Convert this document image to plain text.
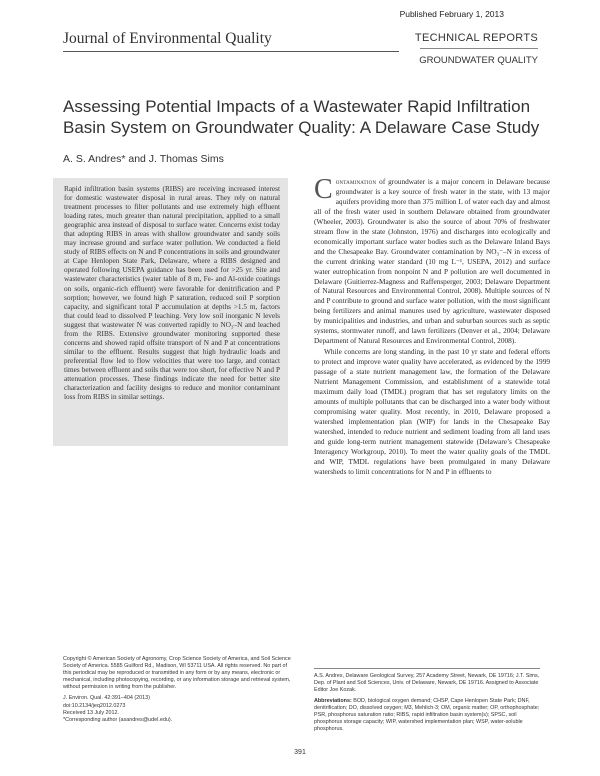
Published February 1, 2013
Journal of Environmental Quality	TECHNICAL REPORTS
GROUNDWATER QUALITY
Assessing Potential Impacts of a Wastewater Rapid Infiltration Basin System on Groundwater Quality: A Delaware Case Study
A. S. Andres* and J. Thomas Sims
Rapid infiltration basin systems (RIBS) are receiving increased interest for domestic wastewater disposal in rural areas. They rely on natural treatment processes to filter pollutants and use extremely high effluent loading rates, much greater than natural precipitation, applied to a small geographic area instead of disposal to surface water. Concerns exist today that adopting RIBS in areas with shallow groundwater and sandy soils may increase ground and surface water pollution. We conducted a field study of RIBS effects on N and P concentrations in soils and groundwater at Cape Henlopen State Park, Delaware, where a RIBS designed and operated following USEPA guidance has been used for >25 yr. Site and wastewater characteristics (water table of 8 m, Fe- and Al-oxide coatings on soils, organic-rich effluent) were favorable for denitrification and P sorption; however, we found high P saturation, reduced soil P sorption capacity, and significant total P accumulation at depths >1.5 m, factors that could lead to dissolved P leaching. Very low soil inorganic N levels suggest that wastewater N was converted rapidly to NO₃–N and leached from the RIBS. Extensive groundwater monitoring supported these concerns and showed rapid offsite transport of N and P at concentrations similar to the effluent. Results suggest that high hydraulic loads and preferential flow led to flow velocities that were too large, and contact times between effluent and soils that were too short, for effective N and P attenuation processes. These findings indicate the need for better site characterization and facility designs to reduce and monitor contaminant loss from RIBS in similar settings.

Contamination of groundwater is a major concern in Delaware because groundwater is a key source of fresh water in the state, with 13 major aquifers providing more than 375 million L of water each day and almost all of the fresh water used in southern Delaware obtained from groundwater (Wheeler, 2003). Groundwater is also the source of about 70% of freshwater stream flow in the state (Johnston, 1976) and discharges into ecologically and economically important surface water bodies such as the Delaware Inland Bays and the Chesapeake Bay. Groundwater contamination by NO₃⁻–N in excess of the current drinking water standard (10 mg L⁻¹, USEPA, 2012) and surface water eutrophication from nonpoint N and P pollution are well documented in Delaware (Guitierrez-Magness and Raffensperger, 2003; Delaware Department of Natural Resources and Environmental Control, 2008). Multiple sources of N and P contribute to ground and surface water pollution, with the most significant being fertilizers and animal manures used by agriculture, wastewater disposed by municipalities and industries, and urban and suburban sources such as septic systems, stormwater runoff, and lawn fertilizers (Denver et al., 2004; Delaware Department of Natural Resources and Environmental Control, 2008).

While concerns are long standing, in the past 10 yr state and federal efforts to protect and improve water quality have accelerated, as evidenced by the 1999 passage of a state nutrient management law, the formation of the Delaware Nutrient Management Commission, and establishment of a statewide total maximum daily load (TMDL) program that has set regulatory limits on the amounts of multiple pollutants that can be discharged into a water body without compromising water quality. Most recently, in 2010, Delaware proposed a watershed implementation plan (WIP) for lands in the Chesapeake Bay watershed, intended to reduce nutrient and sediment loading from all land uses and guide long-term nutrient management statewide (Delaware’s Chesapeake Interagency Workgroup, 2010). To meet the water quality goals of the TMDL and WIP, TMDL regulations have been promulgated in many Delaware watersheds to limit concentrations for N and P in effluents to

Copyright © American Society of Agronomy, Crop Science Society of America, and Soil Science Society of America. 5585 Guilford Rd., Madison, WI 53711 USA. All rights reserved. No part of this periodical may be reproduced or transmitted in any form or by any means, electronic or mechanical, including photocopying, recording, or any information storage and retrieval system, without permission in writing from the publisher.

J. Environ. Qual. 42:391–404 (2013)
doi:10.2134/jeq2012.0273
Received 13 July 2012.
*Corresponding author (asandres@udel.edu).

A.S. Andres, Delaware Geological Survey, 257 Academy Street, Newark, DE 19716; J.T. Sims, Dep. of Plant and Soil Sciences, Univ. of Delaware, Newark, DE 19716. Assigned to Associate Editor Joe Kozak.

Abbreviations: BOD, biological oxygen demand; CHSP, Cape Henlopen State Park; DNF, denitrification; DO, dissolved oxygen; M3, Mehlich-3; OM, organic matter; OP, orthophosphate; PSR, phosphorus saturation ratio; RIBS, rapid infiltration basin system(s); SPSC, soil phosphorus storage capacity; WIP, watershed implementation plan; WSP, water-soluble phosphorus.

391
